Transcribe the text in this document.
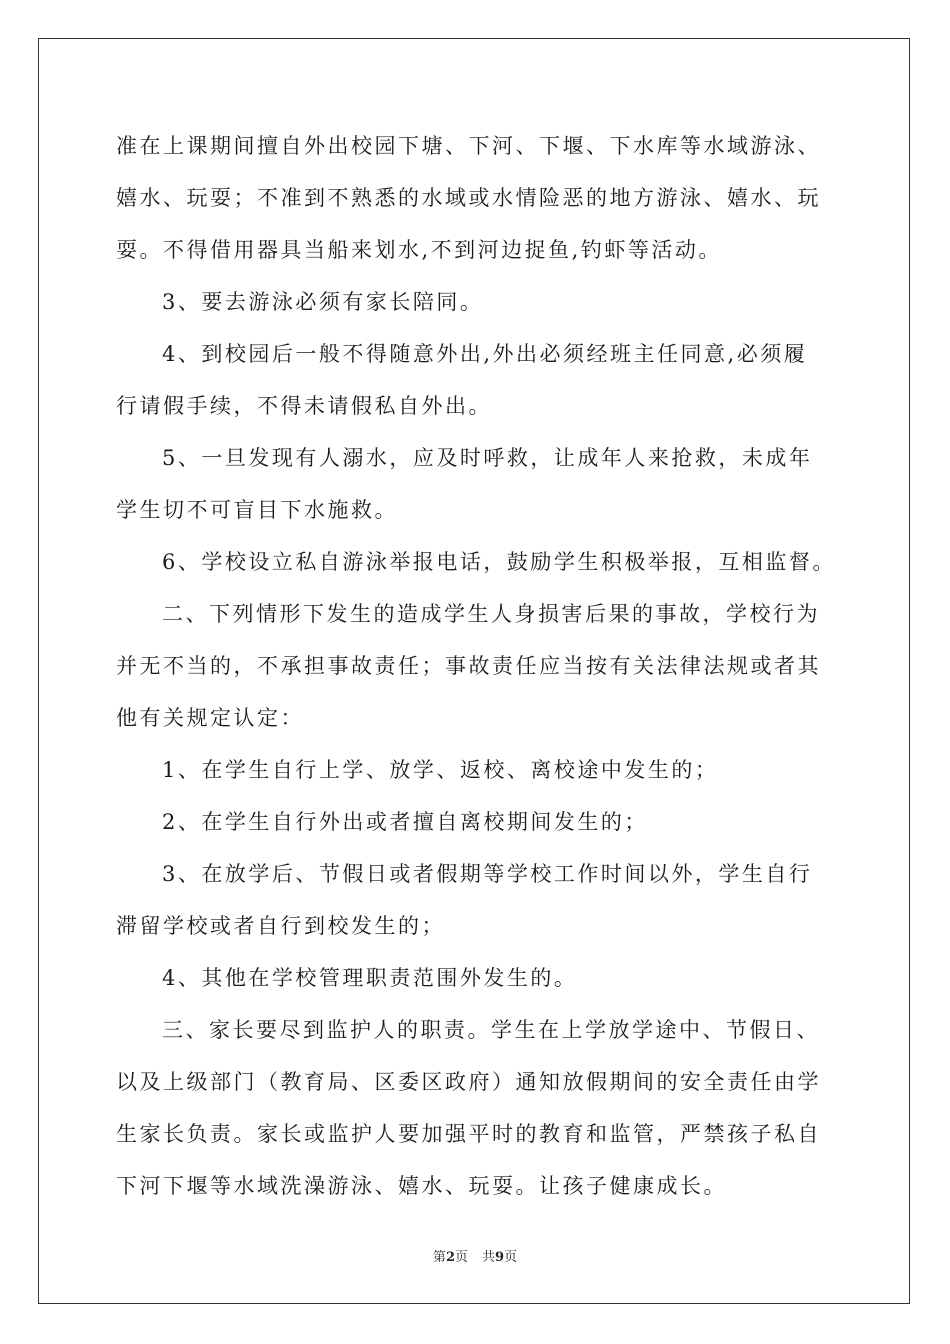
准在上课期间擅自外出校园下塘、下河、下堰、下水库等水域游泳、
嬉水、玩耍；不准到不熟悉的水域或水情险恶的地方游泳、嬉水、玩
耍。不得借用器具当船来划水,不到河边捉鱼,钓虾等活动。
3、要去游泳必须有家长陪同。
4、到校园后一般不得随意外出,外出必须经班主任同意,必须履
行请假手续，不得未请假私自外出。
5、一旦发现有人溺水，应及时呼救，让成年人来抢救，未成年
学生切不可盲目下水施救。
6、学校设立私自游泳举报电话，鼓励学生积极举报，互相监督。
二、下列情形下发生的造成学生人身损害后果的事故，学校行为
并无不当的，不承担事故责任；事故责任应当按有关法律法规或者其
他有关规定认定：
1、在学生自行上学、放学、返校、离校途中发生的；
2、在学生自行外出或者擅自离校期间发生的；
3、在放学后、节假日或者假期等学校工作时间以外，学生自行
滞留学校或者自行到校发生的；
4、其他在学校管理职责范围外发生的。
三、家长要尽到监护人的职责。学生在上学放学途中、节假日、
以及上级部门（教育局、区委区政府）通知放假期间的安全责任由学
生家长负责。家长或监护人要加强平时的教育和监管，严禁孩子私自
下河下堰等水域洗澡游泳、嬉水、玩耍。让孩子健康成长。
第2页 共9页
